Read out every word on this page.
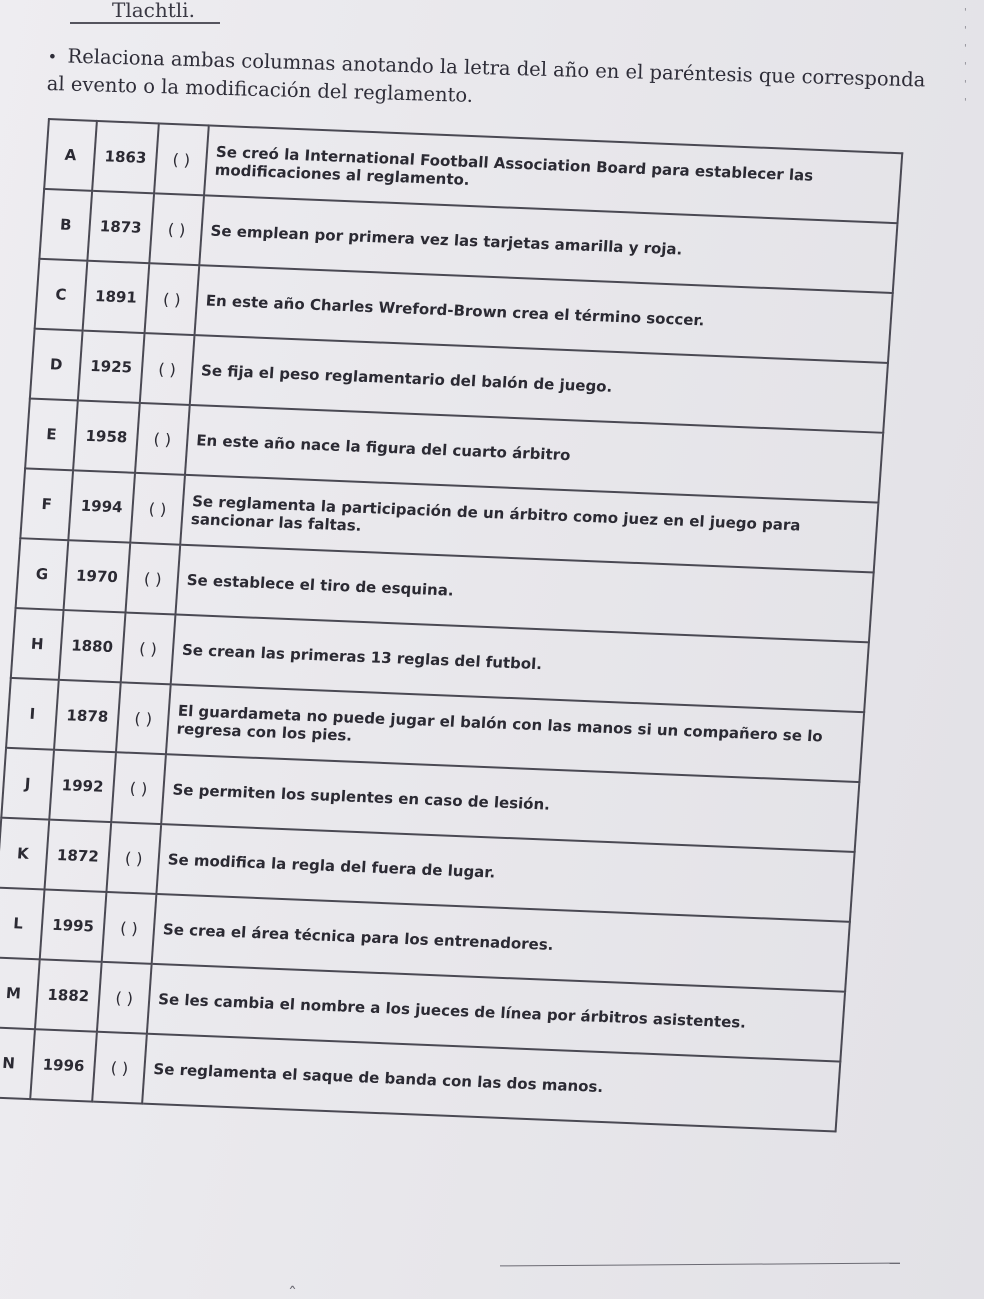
Tlachtli.	'
'
'
'
'
'
• Relaciona ambas columnas anotando la letra del año en el paréntesis que corresponda al evento o la modificación del reglamento.
A	1863	( )	Se creó la International Football Association Board para establecer las modificaciones al reglamento.
B	1873	( )	Se emplean por primera vez las tarjetas amarilla y roja.
C	1891	( )	En este año Charles Wreford-Brown crea el término soccer.
D	1925	( )	Se fija el peso reglamentario del balón de juego.
E	1958	( )	En este año nace la figura del cuarto árbitro
F	1994	( )	Se reglamenta la participación de un árbitro como juez en el juego para sancionar las faltas.
G	1970	( )	Se establece el tiro de esquina.
H	1880	( )	Se crean las primeras 13 reglas del futbol.
I	1878	( )	El guardameta no puede jugar el balón con las manos si un compañero se lo regresa con los pies.
J	1992	( )	Se permiten los suplentes en caso de lesión.
K	1872	( )	Se modifica la regla del fuera de lugar.
L	1995	( )	Se crea el área técnica para los entrenadores.
M	1882	( )	Se les cambia el nombre a los jueces de línea por árbitros asistentes.
N	1996	( )	Se reglamenta el saque de banda con las dos manos.
ˆ
